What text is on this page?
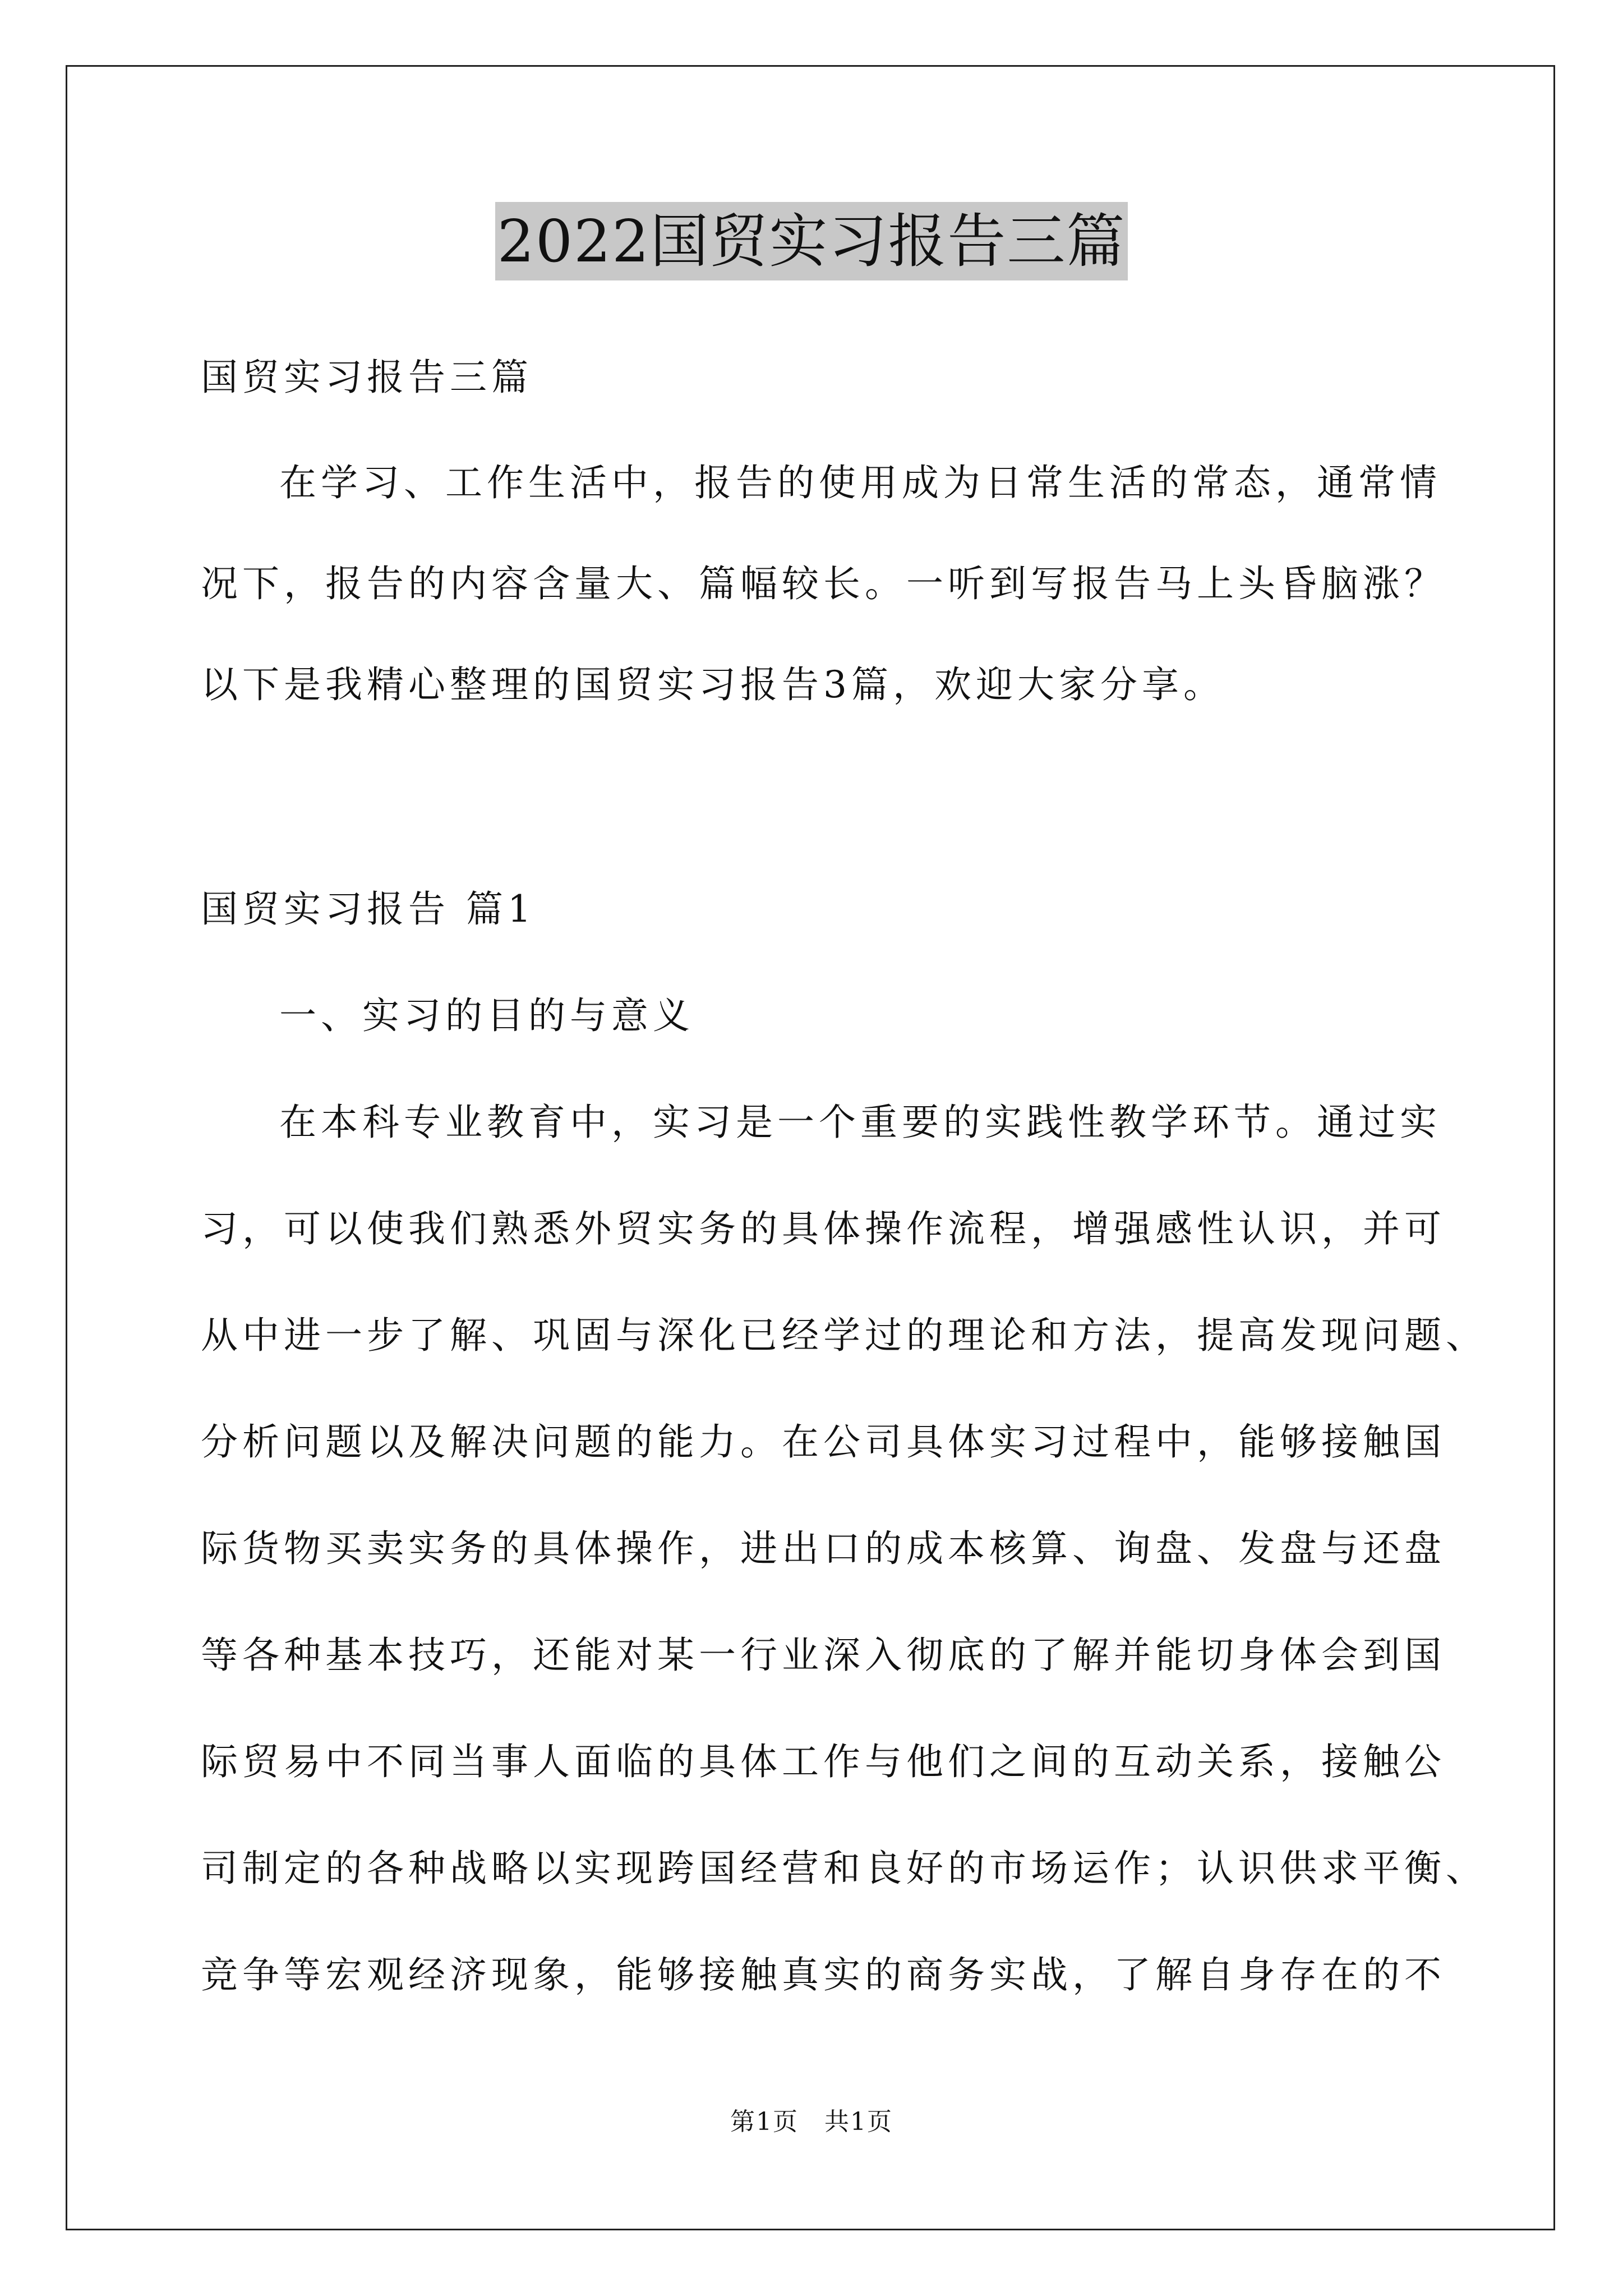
2022国贸实习报告三篇
国贸实习报告三篇
在学习、工作生活中，报告的使用成为日常生活的常态，通常情
况下，报告的内容含量大、篇幅较长。一听到写报告马上头昏脑涨？
以下是我精心整理的国贸实习报告3篇，欢迎大家分享。
国贸实习报告 篇1
一、实习的目的与意义
在本科专业教育中，实习是一个重要的实践性教学环节。通过实
习，可以使我们熟悉外贸实务的具体操作流程，增强感性认识，并可
从中进一步了解、巩固与深化已经学过的理论和方法，提高发现问题、
分析问题以及解决问题的能力。在公司具体实习过程中，能够接触国
际货物买卖实务的具体操作，进出口的成本核算、询盘、发盘与还盘
等各种基本技巧，还能对某一行业深入彻底的了解并能切身体会到国
际贸易中不同当事人面临的具体工作与他们之间的互动关系，接触公
司制定的各种战略以实现跨国经营和良好的市场运作；认识供求平衡、
竞争等宏观经济现象，能够接触真实的商务实战，了解自身存在的不
第1页　共1页
